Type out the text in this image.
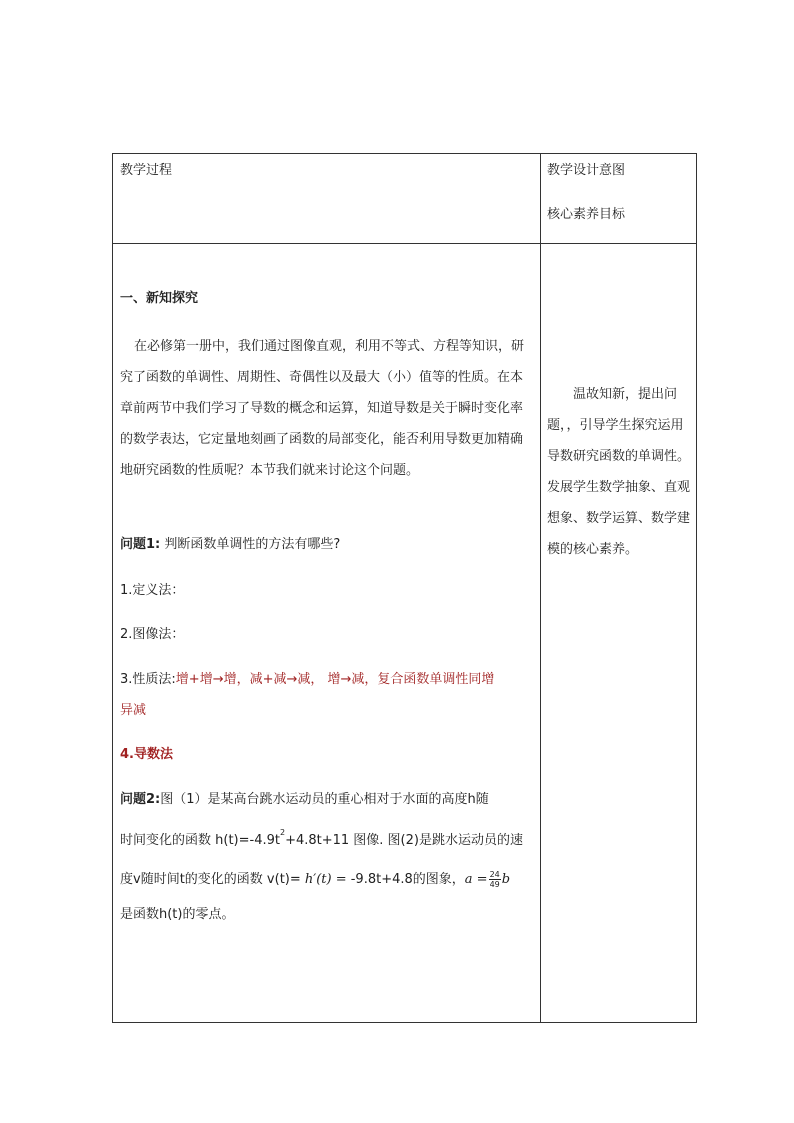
教学过程	教学设计意图
核心素养目标
一、新知探究
在必修第一册中，我们通过图像直观，利用不等式、方程等知识，研究了函数的单调性、周期性、奇偶性以及最大（小）值等的性质。在本章前两节中我们学习了导数的概念和运算，知道导数是关于瞬时变化率的数学表达，它定量地刻画了函数的局部变化，能否利用导数更加精确地研究函数的性质呢？本节我们就来讨论这个问题。
问题1: 判断函数单调性的方法有哪些?
1.定义法：
2.图像法：
3.性质法:增+增→增，减+减→减， 增→减，复合函数单调性同增
异减
4.导数法
问题2:图（1）是某高台跳水运动员的重心相对于水面的高度h随
时间变化的函数 $h(t)=-4.9t^2+4.8t+11$ 图像. 图(2)是跳水运动员的速
度v随时间t的变化的函数 v(t)= h′(t) = -9.8t+4.8的图象，$a = \frac{24}{49}$ b
是函数h(t)的零点。
温故知新，提出问题，，引导学生探究运用导数研究函数的单调性。发展学生数学抽象、直观想象、数学运算、数学建模的核心素养。
